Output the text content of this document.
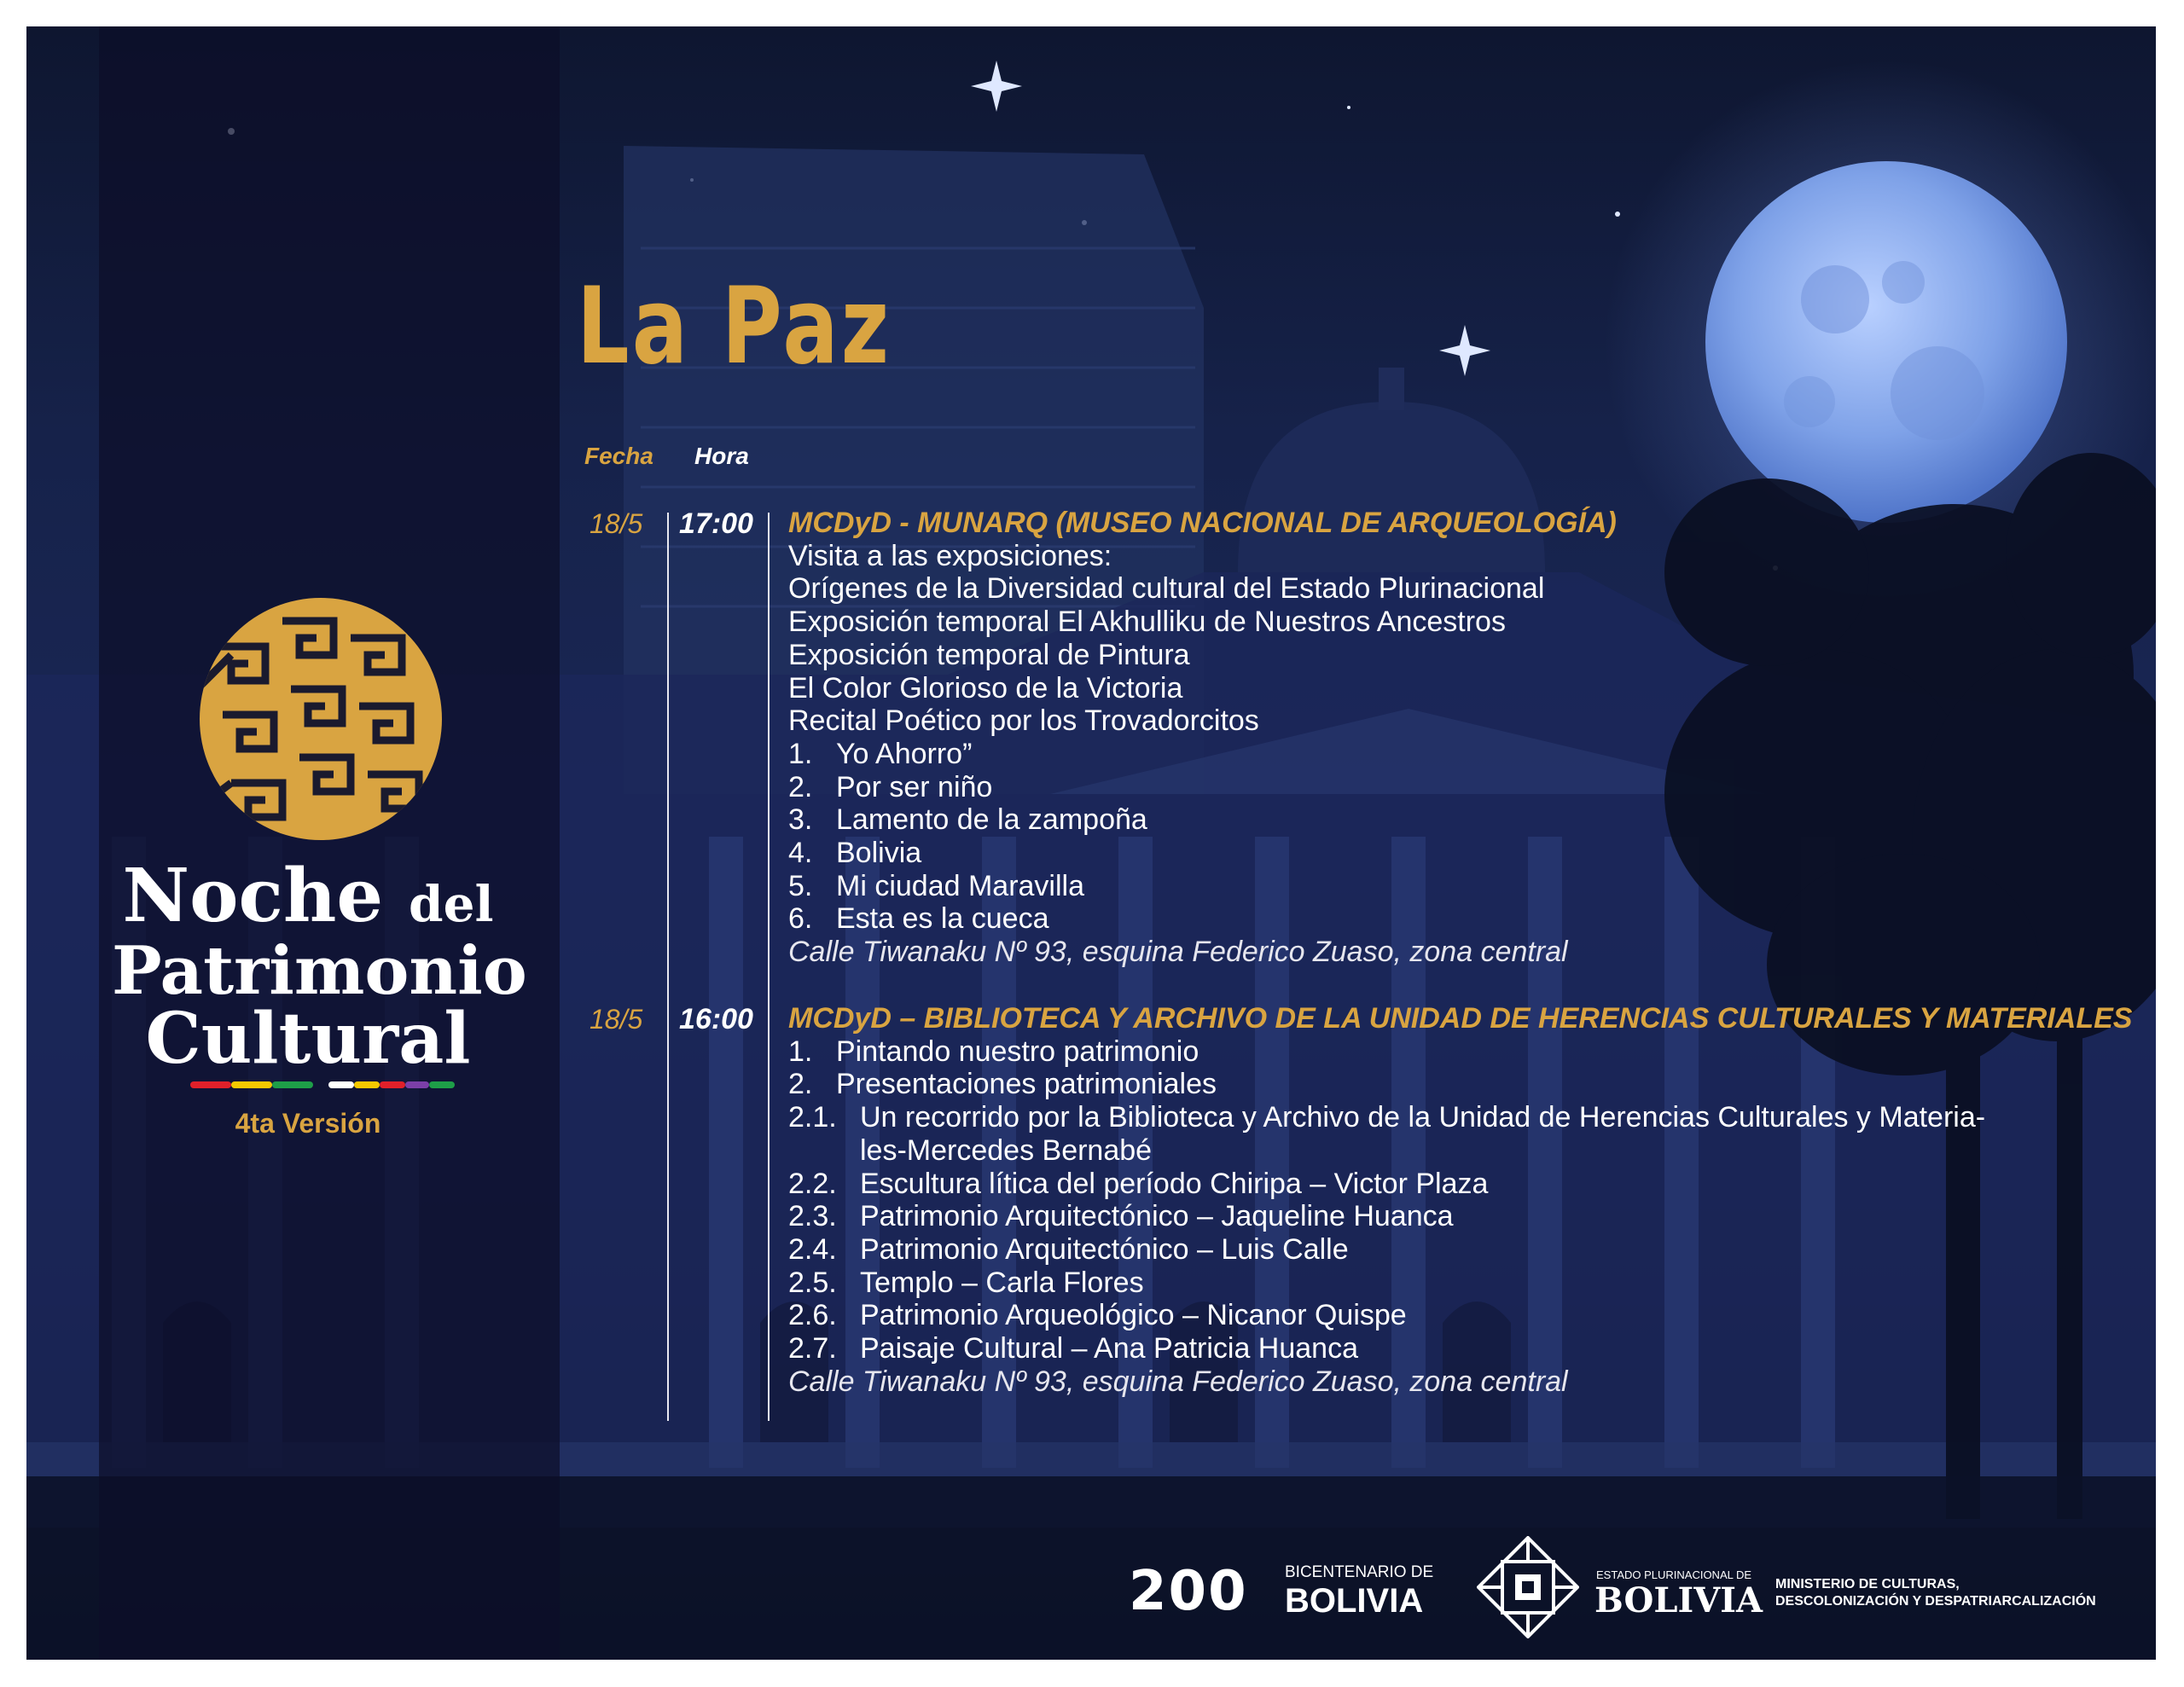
Noche del
Patrimonio
Cultural
4ta Versión
La Paz
Fecha Hora
18/5 17:00 MCDyD - MUNARQ (MUSEO NACIONAL DE ARQUEOLOGÍA)
Visita a las exposiciones:
Orígenes de la Diversidad cultural del Estado Plurinacional
Exposición temporal El Akhulliku de Nuestros Ancestros
Exposición temporal de Pintura
El Color Glorioso de la Victoria
Recital Poético por los Trovadorcitos
1. Yo Ahorro”
2. Por ser niño
3. Lamento de la zampoña
4. Bolivia
5. Mi ciudad Maravilla
6. Esta es la cueca
Calle Tiwanaku Nº 93, esquina Federico Zuaso, zona central
18/5 16:00 MCDyD – BIBLIOTECA Y ARCHIVO DE LA UNIDAD DE HERENCIAS CULTURALES Y MATERIALES
1. Pintando nuestro patrimonio
2. Presentaciones patrimoniales
2.1. Un recorrido por la Biblioteca y Archivo de la Unidad de Herencias Culturales y Materia-
les-Mercedes Bernabé
2.2. Escultura lítica del período Chiripa – Victor Plaza
2.3. Patrimonio Arquitectónico – Jaqueline Huanca
2.4. Patrimonio Arquitectónico – Luis Calle
2.5. Templo – Carla Flores
2.6. Patrimonio Arqueológico – Nicanor Quispe
2.7. Paisaje Cultural – Ana Patricia Huanca
Calle Tiwanaku Nº 93, esquina Federico Zuaso, zona central
200 BICENTENARIO DE
BOLIVIA
ESTADO PLURINACIONAL DE
BOLIVIA MINISTERIO DE CULTURAS,
DESCOLONIZACIÓN Y DESPATRIARCALIZACIÓN
